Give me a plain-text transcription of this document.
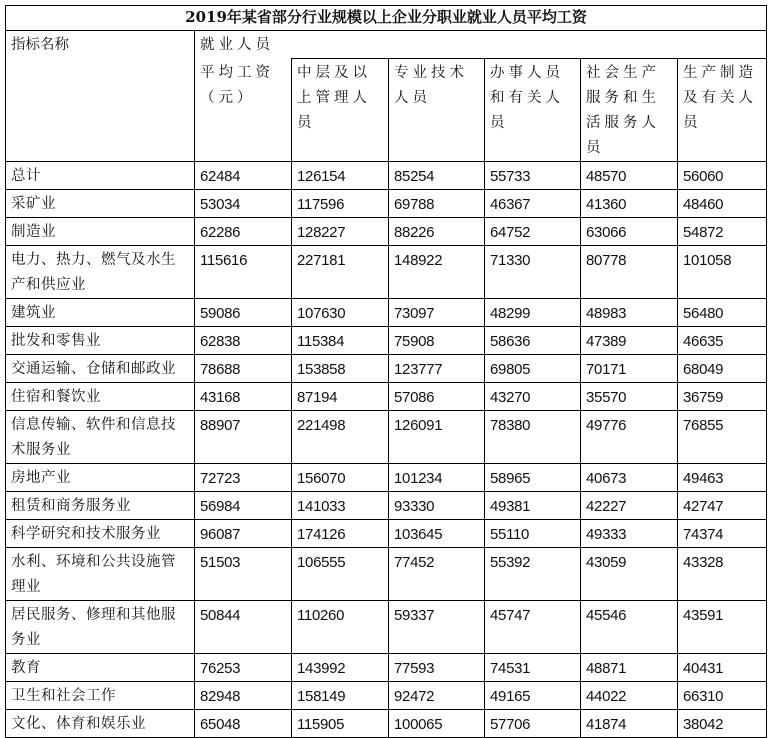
2019年某省部分行业规模以上企业分职业就业人员平均工资						
指标名称	就业人员					
	平均工资（元）	中层及以上管理人员	专业技术人员	办事人员和有关人员	社会生产服务和生活服务人员	生产制造及有关人员
总计	62484	126154	85254	55733	48570	56060
采矿业	53034	117596	69788	46367	41360	48460
制造业	62286	128227	88226	64752	63066	54872
电力、热力、燃气及水生产和供应业	115616	227181	148922	71330	80778	101058
建筑业	59086	107630	73097	48299	48983	56480
批发和零售业	62838	115384	75908	58636	47389	46635
交通运输、仓储和邮政业	78688	153858	123777	69805	70171	68049
住宿和餐饮业	43168	87194	57086	43270	35570	36759
信息传输、软件和信息技术服务业	88907	221498	126091	78380	49776	76855
房地产业	72723	156070	101234	58965	40673	49463
租赁和商务服务业	56984	141033	93330	49381	42227	42747
科学研究和技术服务业	96087	174126	103645	55110	49333	74374
水利、环境和公共设施管理业	51503	106555	77452	55392	43059	43328
居民服务、修理和其他服务业	50844	110260	59337	45747	45546	43591
教育	76253	143992	77593	74531	48871	40431
卫生和社会工作	82948	158149	92472	49165	44022	66310
文化、体育和娱乐业	65048	115905	100065	57706	41874	38042
